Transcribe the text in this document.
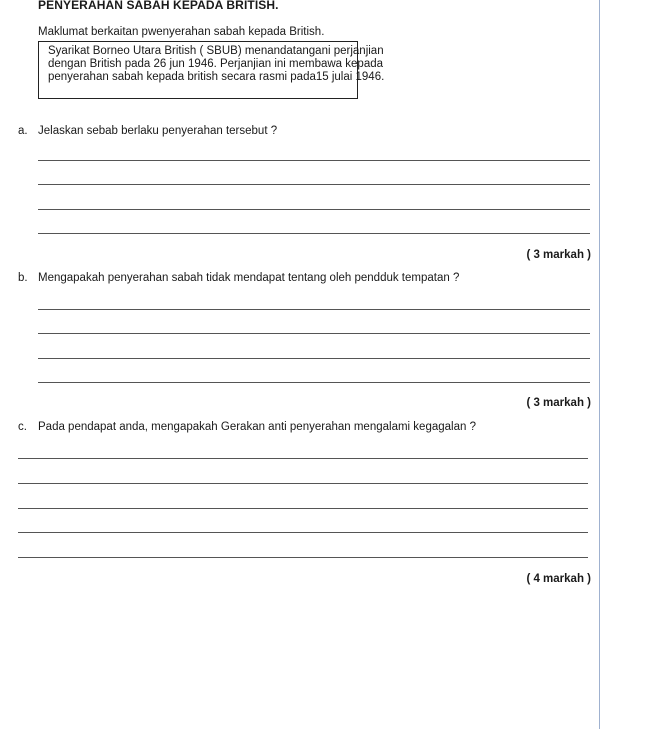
PENYERAHAN SABAH KEPADA BRITISH.
Maklumat berkaitan pwenyerahan sabah kepada British.
Syarikat Borneo Utara British ( SBUB) menandatangani perjanjian
dengan British pada 26 jun 1946. Perjanjian ini membawa kepada
penyerahan sabah kepada british secara rasmi pada15 julai 1946.
a. Jelaskan sebab berlaku penyerahan tersebut ?
( 3 markah )
b. Mengapakah penyerahan sabah tidak mendapat tentang oleh pendduk tempatan ?
( 3 markah )
c. Pada pendapat anda, mengapakah Gerakan anti penyerahan mengalami kegagalan ?
( 4 markah )
